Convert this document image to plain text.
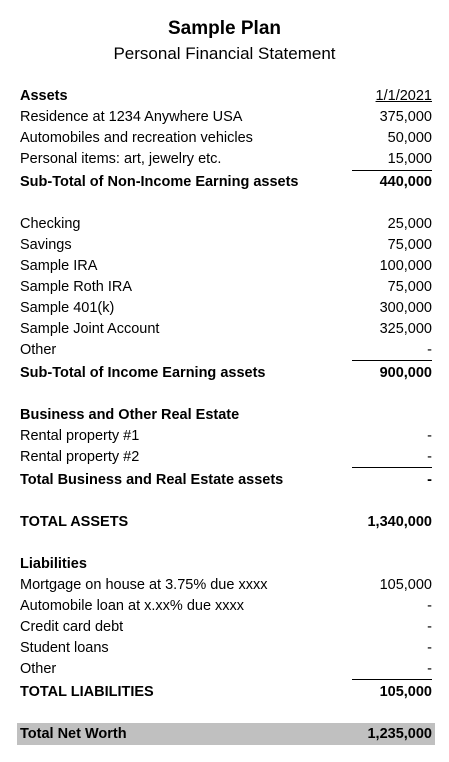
Sample Plan
Personal Financial Statement
Assets	1/1/2021
Residence at 1234 Anywhere USA	375,000
Automobiles and recreation vehicles	50,000
Personal items: art, jewelry etc.	15,000
Sub-Total of Non-Income Earning assets	440,000
Checking	25,000
Savings	75,000
Sample IRA	100,000
Sample Roth IRA	75,000
Sample 401(k)	300,000
Sample Joint Account	325,000
Other	-
Sub-Total of Income Earning assets	900,000
Business and Other Real Estate
Rental property #1	-
Rental property #2	-
Total Business and Real Estate assets	-
TOTAL ASSETS	1,340,000
Liabilities
Mortgage on house at 3.75% due xxxx	105,000
Automobile loan at x.xx% due xxxx	-
Credit card debt	-
Student loans	-
Other	-
TOTAL LIABILITIES	105,000
Total Net Worth	1,235,000
